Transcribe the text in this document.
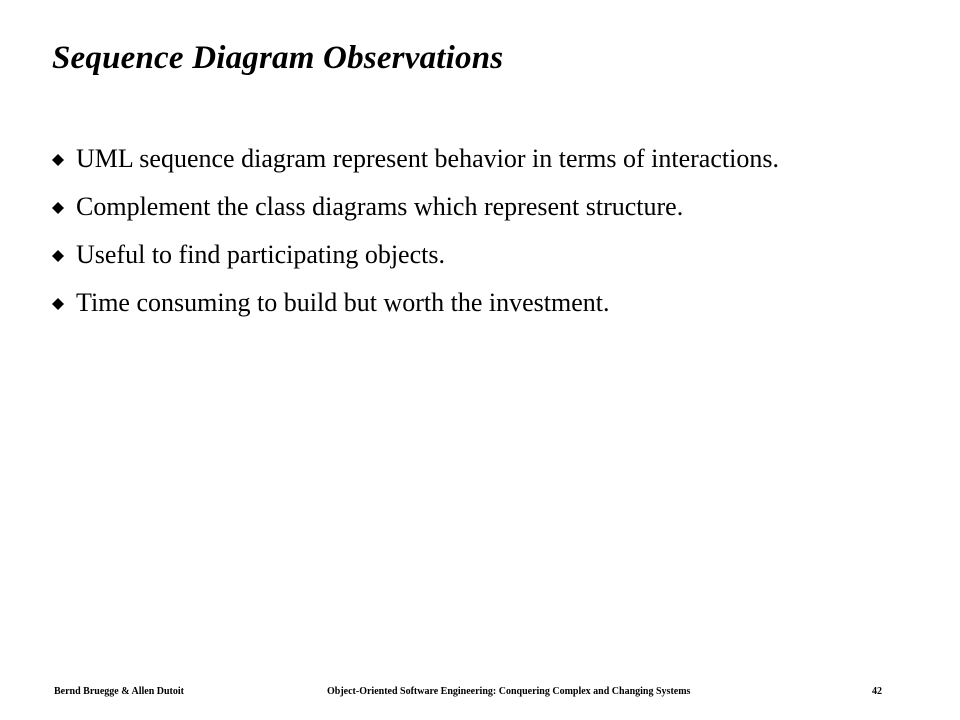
Sequence Diagram Observations
UML sequence diagram represent behavior in terms of interactions.
Complement the class diagrams which represent structure.
Useful to find participating objects.
Time consuming to build but worth the investment.
Bernd Bruegge & Allen Dutoit	Object-Oriented Software Engineering: Conquering Complex and Changing Systems	42
